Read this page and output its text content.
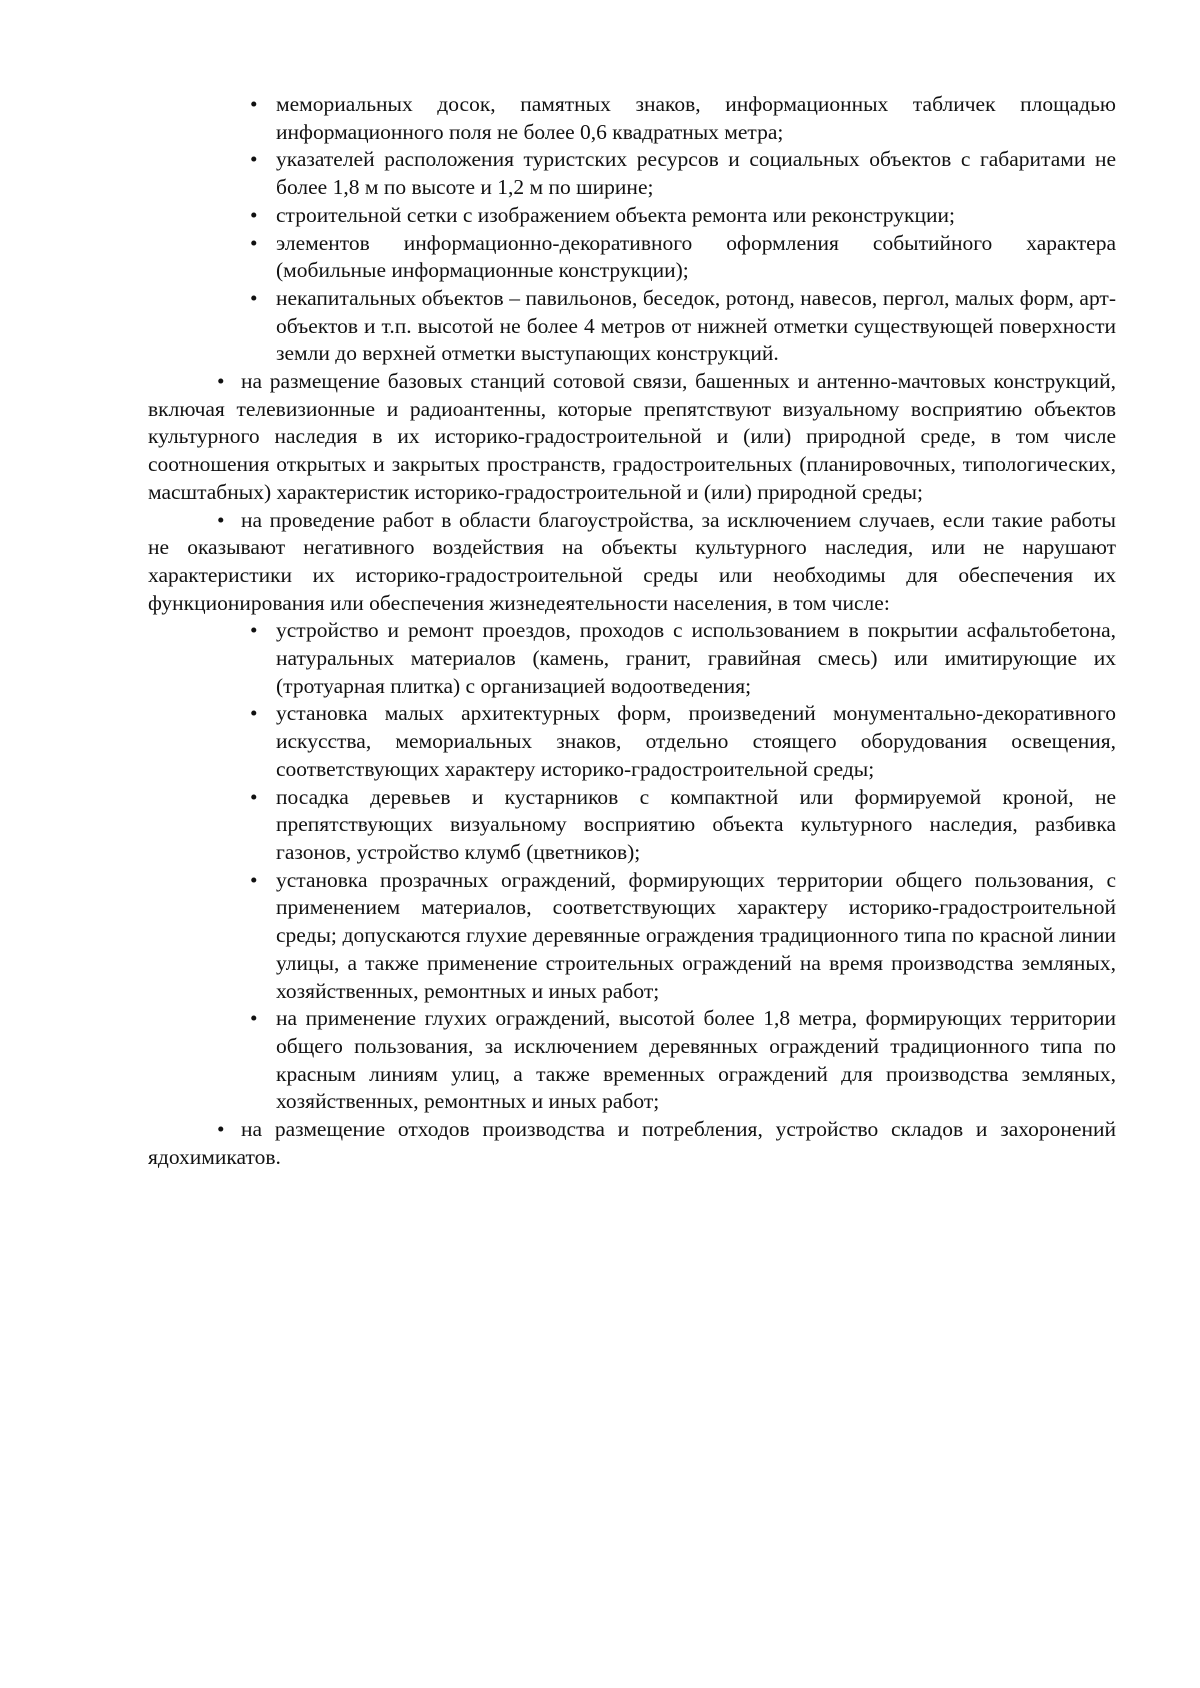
• мемориальных досок, памятных знаков, информационных табличек площадью информационного поля не более 0,6 квадратных метра;
• указателей расположения туристских ресурсов и социальных объектов с габаритами не более 1,8 м по высоте и 1,2 м по ширине;
• строительной сетки с изображением объекта ремонта или реконструкции;
• элементов информационно-декоративного оформления событийного характера (мобильные информационные конструкции);
• некапитальных объектов – павильонов, беседок, ротонд, навесов, пергол, малых форм, арт-объектов и т.п. высотой не более 4 метров от нижней отметки существующей поверхности земли до верхней отметки выступающих конструкций.

• на размещение базовых станций сотовой связи, башенных и антенно-мачтовых конструкций, включая телевизионные и радиоантенны, которые препятствуют визуальному восприятию объектов культурного наследия в их историко-градостроительной и (или) природной среде, в том числе соотношения открытых и закрытых пространств, градостроительных (планировочных, типологических, масштабных) характеристик историко-градостроительной и (или) природной среды;

• на проведение работ в области благоустройства, за исключением случаев, если такие работы не оказывают негативного воздействия на объекты культурного наследия, или не нарушают характеристики их историко-градостроительной среды или необходимы для обеспечения их функционирования или обеспечения жизнедеятельности населения, в том числе:

• устройство и ремонт проездов, проходов с использованием в покрытии асфальтобетона, натуральных материалов (камень, гранит, гравийная смесь) или имитирующие их (тротуарная плитка) с организацией водоотведения;
• установка малых архитектурных форм, произведений монументально-декоративного искусства, мемориальных знаков, отдельно стоящего оборудования освещения, соответствующих характеру историко-градостроительной среды;
• посадка деревьев и кустарников с компактной или формируемой кроной, не препятствующих визуальному восприятию объекта культурного наследия, разбивка газонов, устройство клумб (цветников);
• установка прозрачных ограждений, формирующих территории общего пользования, с применением материалов, соответствующих характеру историко-градостроительной среды; допускаются глухие деревянные ограждения традиционного типа по красной линии улицы, а также применение строительных ограждений на время производства земляных, хозяйственных, ремонтных и иных работ;
• на применение глухих ограждений, высотой более 1,8 метра, формирующих территории общего пользования, за исключением деревянных ограждений традиционного типа по красным линиям улиц, а также временных ограждений для производства земляных, хозяйственных, ремонтных и иных работ;

• на размещение отходов производства и потребления, устройство складов и захоронений ядохимикатов.
